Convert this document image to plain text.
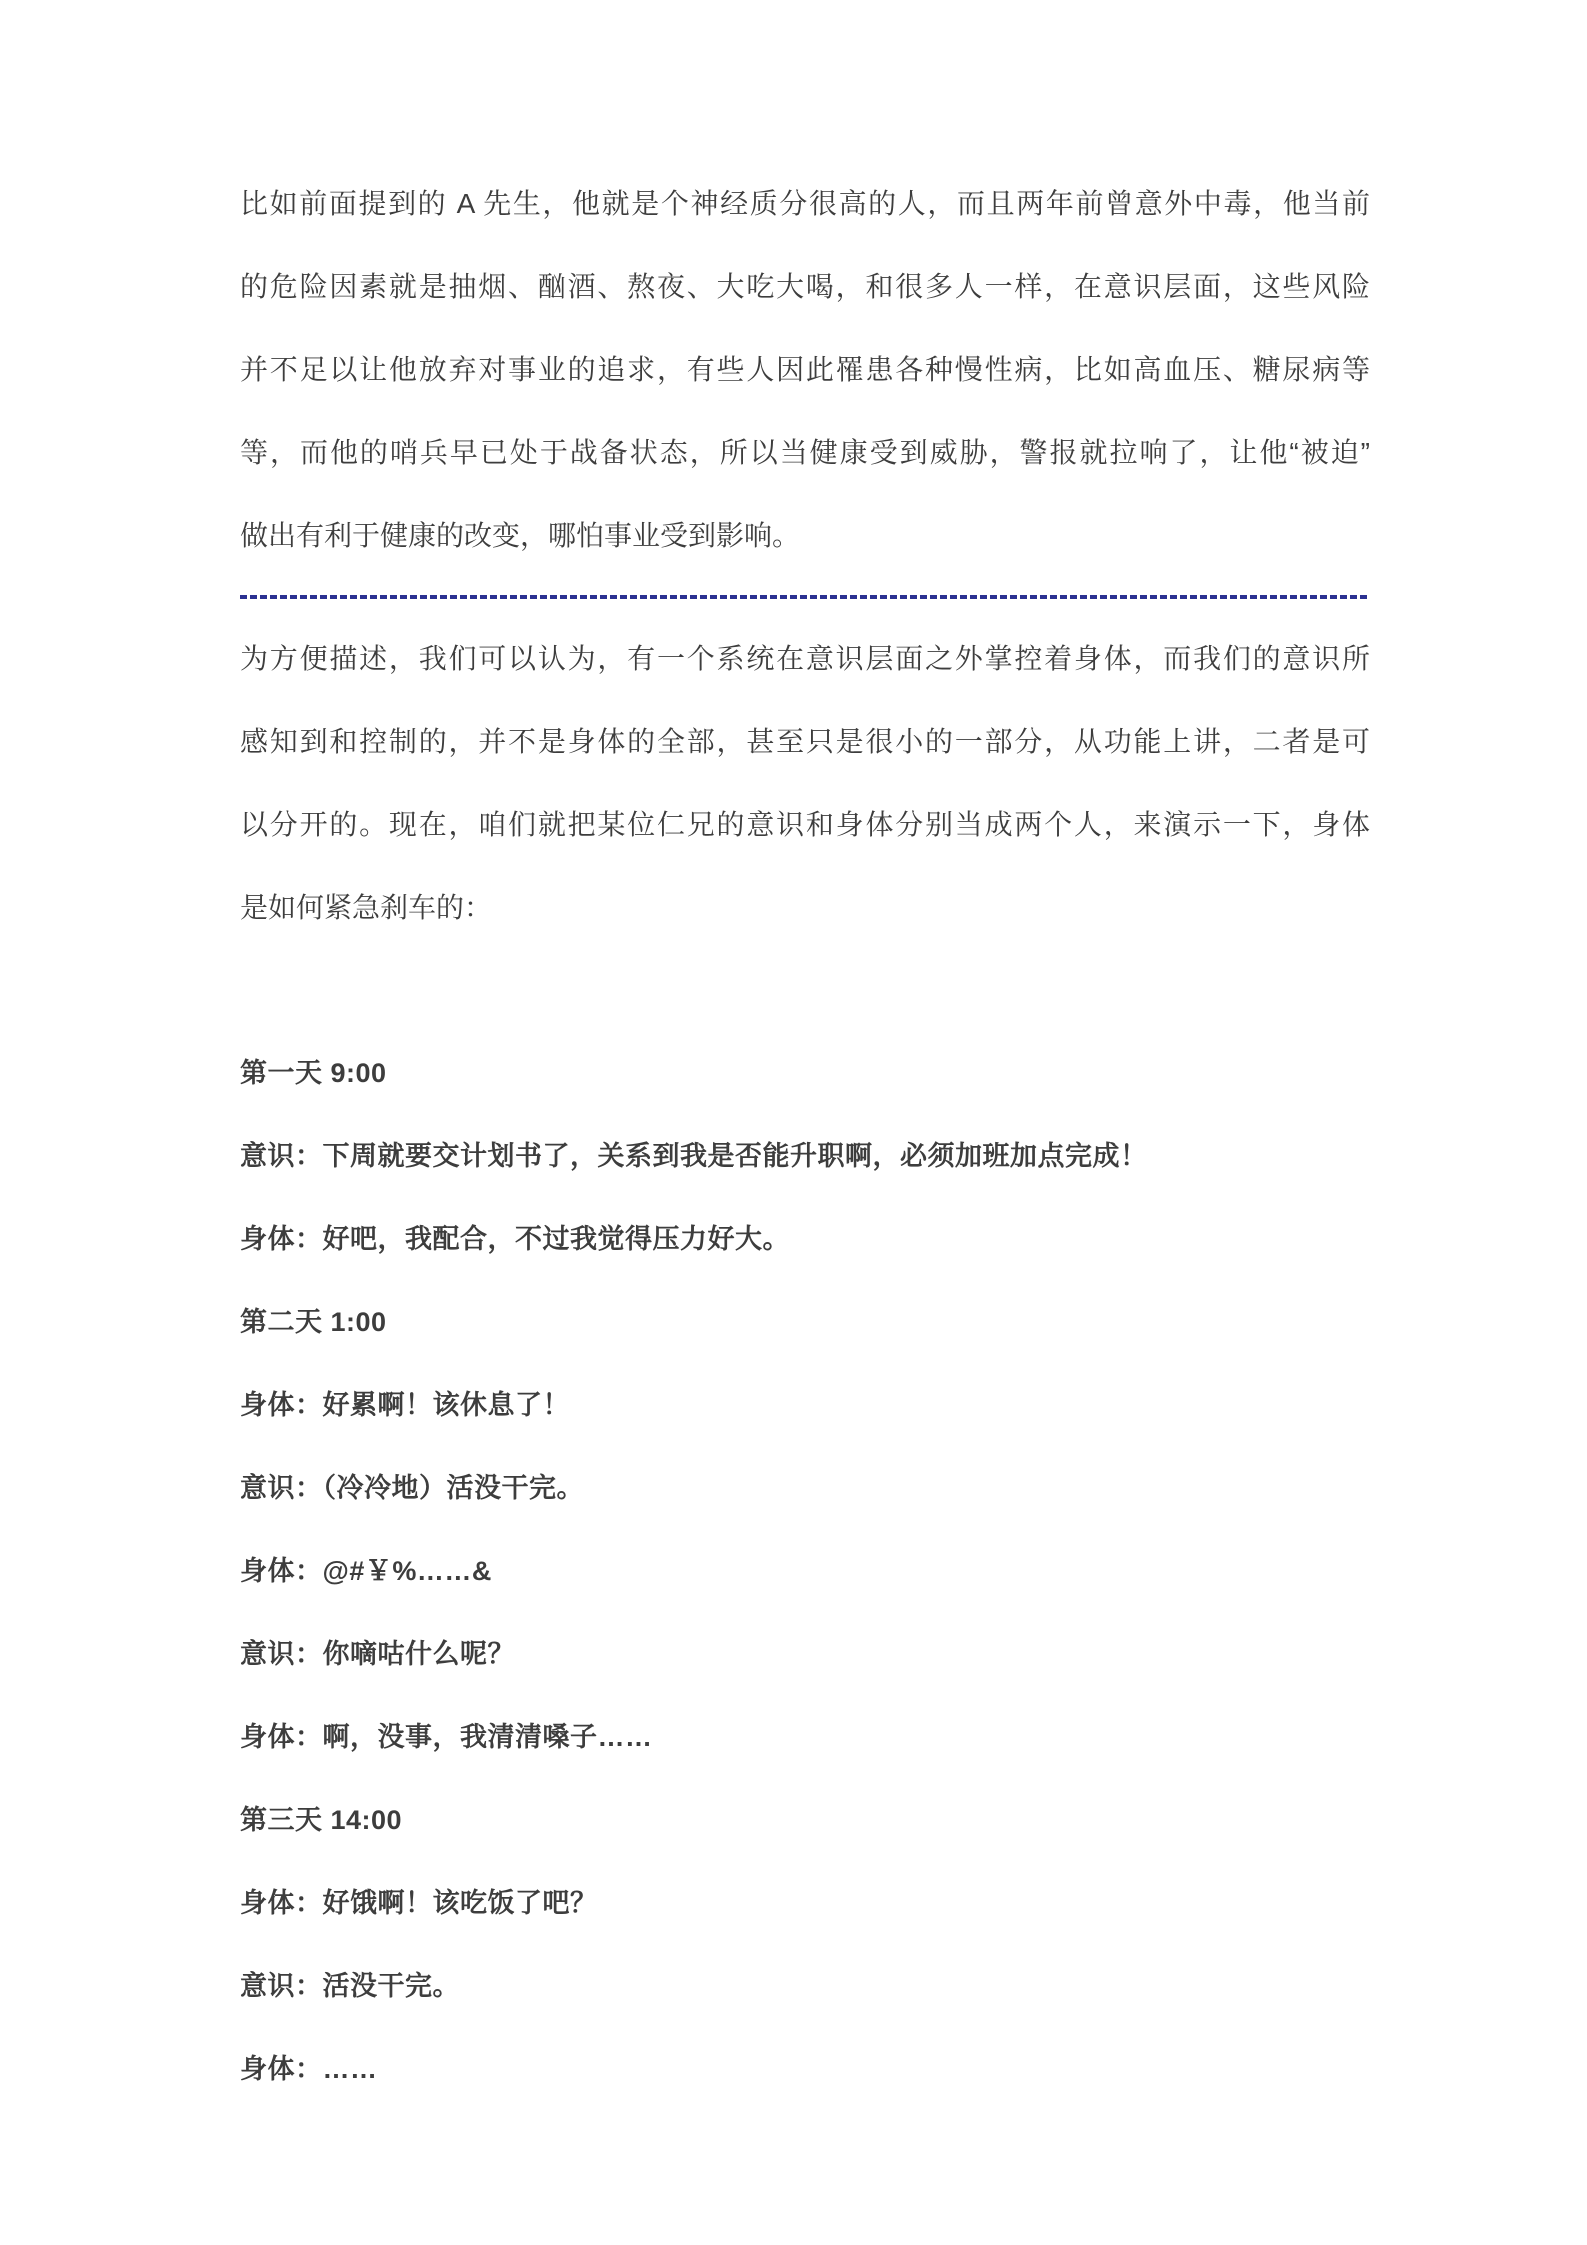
比如前面提到的 A 先生，他就是个神经质分很高的人，而且两年前曾意外中毒，他当前

的危险因素就是抽烟、酗酒、熬夜、大吃大喝，和很多人一样，在意识层面，这些风险

并不足以让他放弃对事业的追求，有些人因此罹患各种慢性病，比如高血压、糖尿病等

等，而他的哨兵早已处于战备状态，所以当健康受到威胁，警报就拉响了，让他“被迫”

做出有利于健康的改变，哪怕事业受到影响。

为方便描述，我们可以认为，有一个系统在意识层面之外掌控着身体，而我们的意识所

感知到和控制的，并不是身体的全部，甚至只是很小的一部分，从功能上讲，二者是可

以分开的。现在，咱们就把某位仁兄的意识和身体分别当成两个人，来演示一下，身体

是如何紧急刹车的：

第一天 9:00

意识：下周就要交计划书了，关系到我是否能升职啊，必须加班加点完成！

身体：好吧，我配合，不过我觉得压力好大。

第二天 1:00

身体：好累啊！该休息了！

意识：（冷冷地）活没干完。

身体：@#￥%……&

意识：你嘀咕什么呢？

身体：啊，没事，我清清嗓子……

第三天 14:00

身体：好饿啊！该吃饭了吧？

意识：活没干完。

身体：……
